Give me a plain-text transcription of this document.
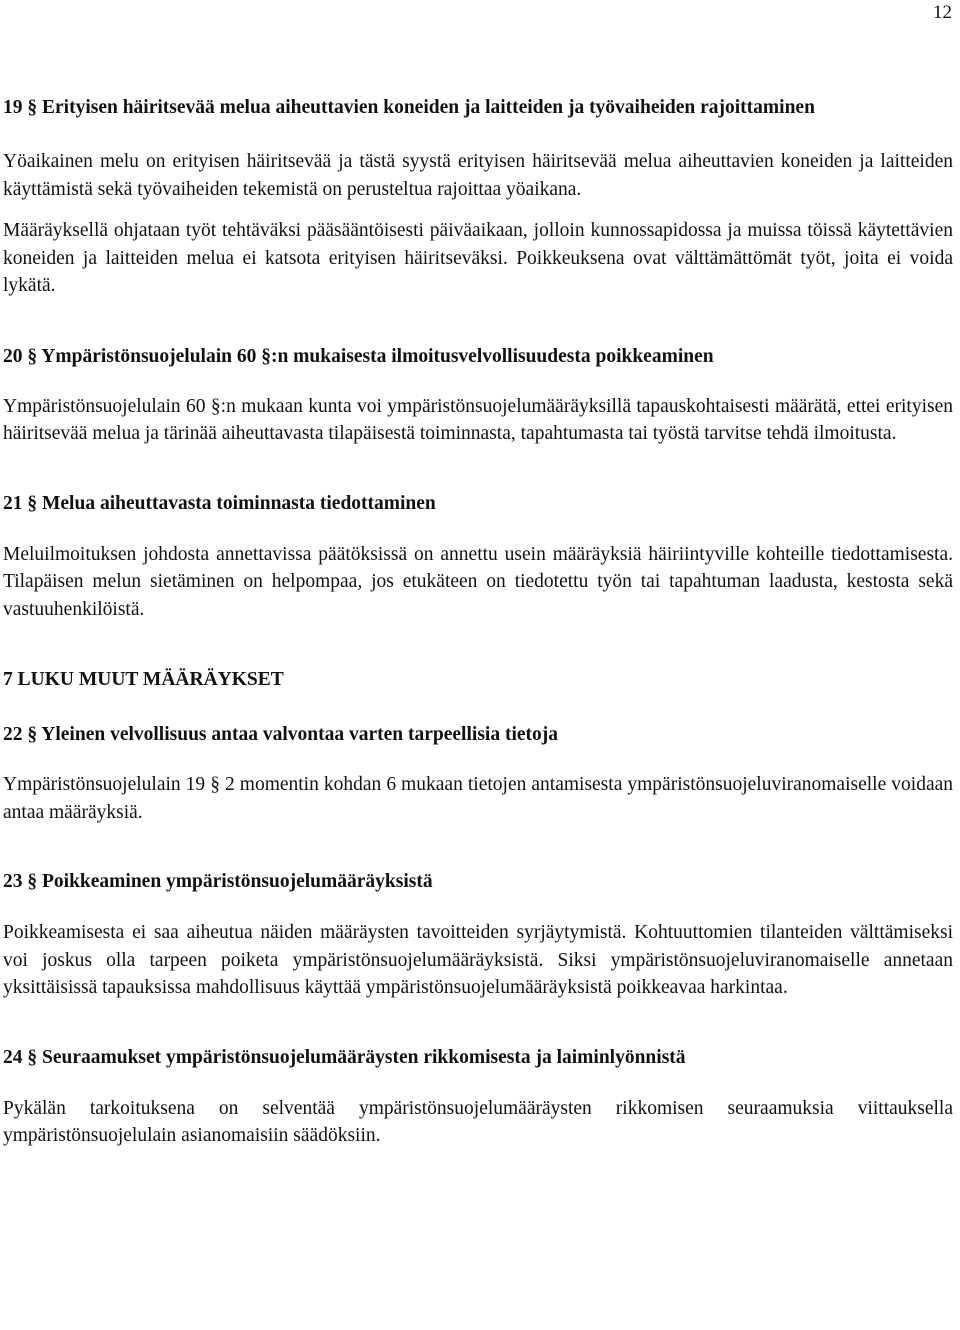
12

19 § Erityisen häiritsevää melua aiheuttavien koneiden ja laitteiden ja työvaiheiden rajoittaminen

Yöaikainen melu on erityisen häiritsevää ja tästä syystä erityisen häiritsevää melua aiheuttavien koneiden ja laitteiden käyttämistä sekä työvaiheiden tekemistä on perusteltua rajoittaa yöaikana.

Määräyksellä ohjataan työt tehtäväksi pääsääntöisesti päiväaikaan, jolloin kunnossapidossa ja muissa töissä käytettävien koneiden ja laitteiden melua ei katsota erityisen häiritseväksi. Poikkeuksena ovat välttämättömät työt, joita ei voida lykätä.

20 § Ympäristönsuojelulain 60 §:n mukaisesta ilmoitusvelvollisuudesta poikkeaminen

Ympäristönsuojelulain 60 §:n mukaan kunta voi ympäristönsuojelumääräyksillä tapauskohtaisesti määrätä, ettei erityisen häiritsevää melua ja tärinää aiheuttavasta tilapäisestä toiminnasta, tapahtumasta tai työstä tarvitse tehdä ilmoitusta.

21 § Melua aiheuttavasta toiminnasta tiedottaminen

Meluilmoituksen johdosta annettavissa päätöksissä on annettu usein määräyksiä häiriintyville kohteille tiedottamisesta. Tilapäisen melun sietäminen on helpompaa, jos etukäteen on tiedotettu työn tai tapahtuman laadusta, kestosta sekä vastuuhenkilöistä.

7 LUKU MUUT MÄÄRÄYKSET

22 § Yleinen velvollisuus antaa valvontaa varten tarpeellisia tietoja

Ympäristönsuojelulain 19 § 2 momentin kohdan 6 mukaan tietojen antamisesta ympäristönsuojeluviranomaiselle voidaan antaa määräyksiä.

23 § Poikkeaminen ympäristönsuojelumääräyksistä

Poikkeamisesta ei saa aiheutua näiden määräysten tavoitteiden syrjäytymistä. Kohtuuttomien tilanteiden välttämiseksi voi joskus olla tarpeen poiketa ympäristönsuojelumääräyksistä. Siksi ympäristönsuojeluviranomaiselle annetaan yksittäisissä tapauksissa mahdollisuus käyttää ympäristönsuojelumääräyksistä poikkeavaa harkintaa.

24 § Seuraamukset ympäristönsuojelumääräysten rikkomisesta ja laiminlyönnistä

Pykälän tarkoituksena on selventää ympäristönsuojelumääräysten rikkomisen seuraamuksia viittauksella ympäristönsuojelulain asianomaisiin säädöksiin.
